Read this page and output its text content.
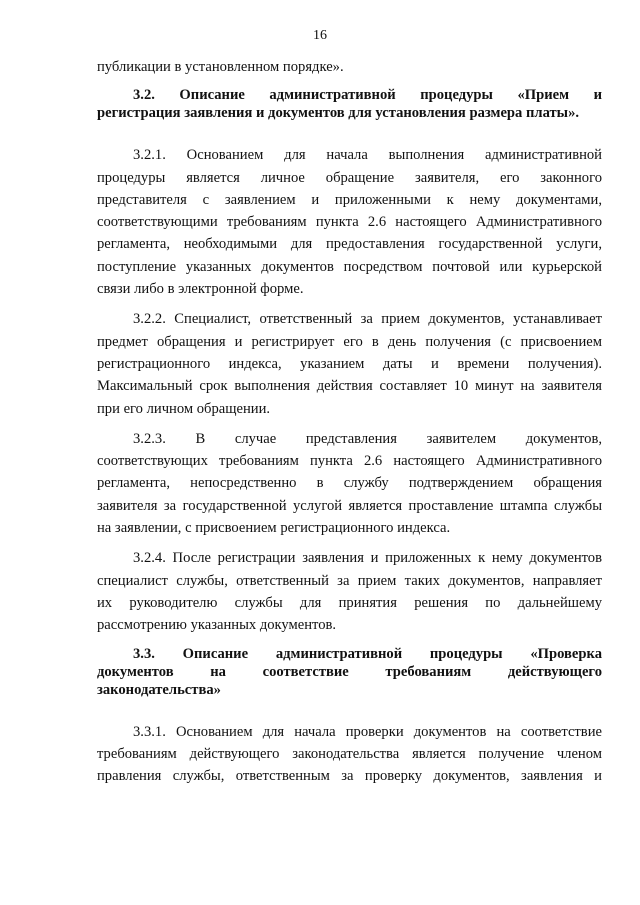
16

публикации в установленном порядке».

3.2. Описание административной процедуры «Прием и

регистрация заявления и документов для установления размера платы».

3.2.1. Основанием для начала выполнения административной

процедуры является личное обращение заявителя, его законного

представителя с заявлением и приложенными к нему документами,

соответствующими требованиям пункта 2.6 настоящего Административного

регламента, необходимыми для предоставления государственной услуги,

поступление указанных документов посредством почтовой или курьерской

связи либо в электронной форме.

3.2.2. Специалист, ответственный за прием документов, устанавливает

предмет обращения и регистрирует его в день получения (с присвоением

регистрационного индекса, указанием даты и времени получения).

Максимальный срок выполнения действия составляет 10 минут на заявителя

при его личном обращении.

3.2.3. В случае представления заявителем документов,

соответствующих требованиям пункта 2.6 настоящего Административного

регламента, непосредственно в службу подтверждением обращения

заявителя за государственной услугой является проставление штампа службы

на заявлении, с присвоением регистрационного индекса.

3.2.4. После регистрации заявления и приложенных к нему документов

специалист службы, ответственный за прием таких документов, направляет

их руководителю службы для принятия решения по дальнейшему

рассмотрению указанных документов.

3.3. Описание административной процедуры «Проверка

документов на соответствие требованиям действующего

законодательства»

3.3.1. Основанием для начала проверки документов на соответствие

требованиям действующего законодательства является получение членом

правления службы, ответственным за проверку документов, заявления и
